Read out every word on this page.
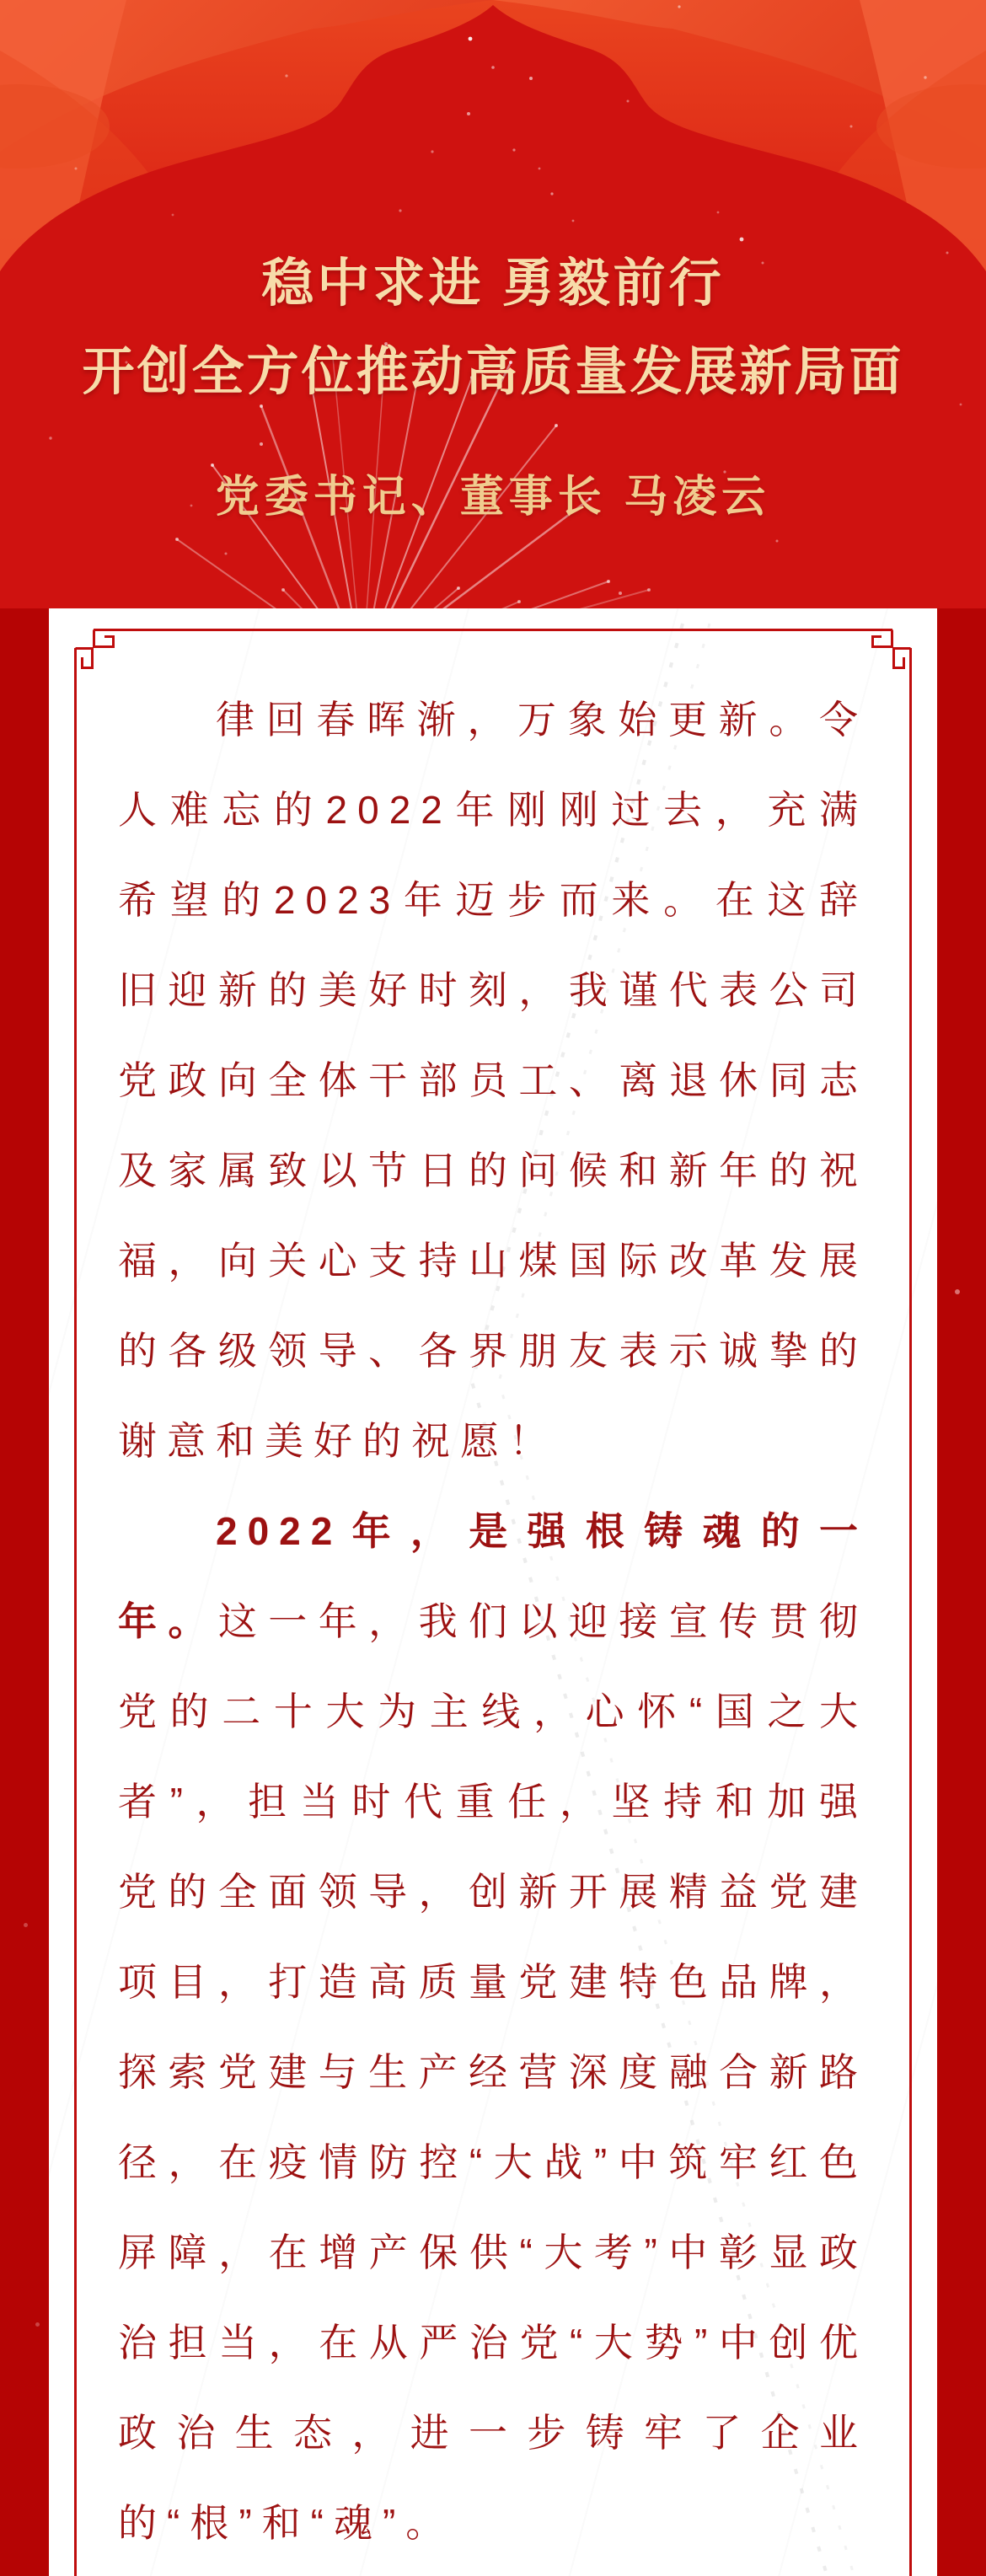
稳中求进 勇毅前行
开创全方位推动高质量发展新局面
党委书记、董事长 马凌云

律回春晖渐，万象始更新。令人难忘的2022年刚刚过去，充满希望的2023年迈步而来。在这辞旧迎新的美好时刻，我谨代表公司党政向全体干部员工、离退休同志及家属致以节日的问候和新年的祝福，向关心支持山煤国际改革发展的各级领导、各界朋友表示诚挚的谢意和美好的祝愿！

2022年，是强根铸魂的一年。这一年，我们以迎接宣传贯彻党的二十大为主线，心怀“国之大者”，担当时代重任，坚持和加强党的全面领导，创新开展精益党建项目，打造高质量党建特色品牌，探索党建与生产经营深度融合新路径，在疫情防控“大战”中筑牢红色屏障，在增产保供“大考”中彰显政治担当，在从严治党“大势”中创优政治生态，进一步铸牢了企业的“根”和“魂”。
